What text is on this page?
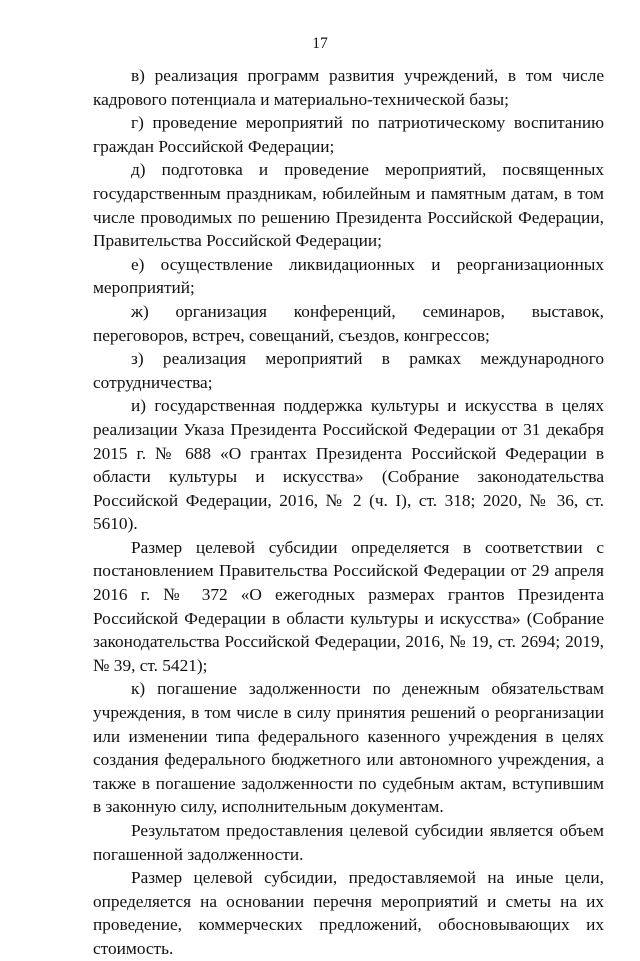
17

в) реализация программ развития учреждений, в том числе кадрового потенциала и материально-технической базы;

г) проведение мероприятий по патриотическому воспитанию граждан Российской Федерации;

д) подготовка и проведение мероприятий, посвященных государственным праздникам, юбилейным и памятным датам, в том числе проводимых по решению Президента Российской Федерации, Правительства Российской Федерации;

е) осуществление ликвидационных и реорганизационных мероприятий;

ж) организация конференций, семинаров, выставок, переговоров, встреч, совещаний, съездов, конгрессов;

з) реализация мероприятий в рамках международного сотрудничества;

и) государственная поддержка культуры и искусства в целях реализации Указа Президента Российской Федерации от 31 декабря 2015 г. № 688 «О грантах Президента Российской Федерации в области культуры и искусства» (Собрание законодательства Российской Федерации, 2016, № 2 (ч. I), ст. 318; 2020, № 36, ст. 5610).

Размер целевой субсидии определяется в соответствии с постановлением Правительства Российской Федерации от 29 апреля 2016 г. № 372 «О ежегодных размерах грантов Президента Российской Федерации в области культуры и искусства» (Собрание законодательства Российской Федерации, 2016, № 19, ст. 2694; 2019, № 39, ст. 5421);

к) погашение задолженности по денежным обязательствам учреждения, в том числе в силу принятия решений о реорганизации или изменении типа федерального казенного учреждения в целях создания федерального бюджетного или автономного учреждения, а также в погашение задолженности по судебным актам, вступившим в законную силу, исполнительным документам.

Результатом предоставления целевой субсидии является объем погашенной задолженности.

Размер целевой субсидии, предоставляемой на иные цели, определяется на основании перечня мероприятий и сметы на их проведение, коммерческих предложений, обосновывающих их стоимость.
